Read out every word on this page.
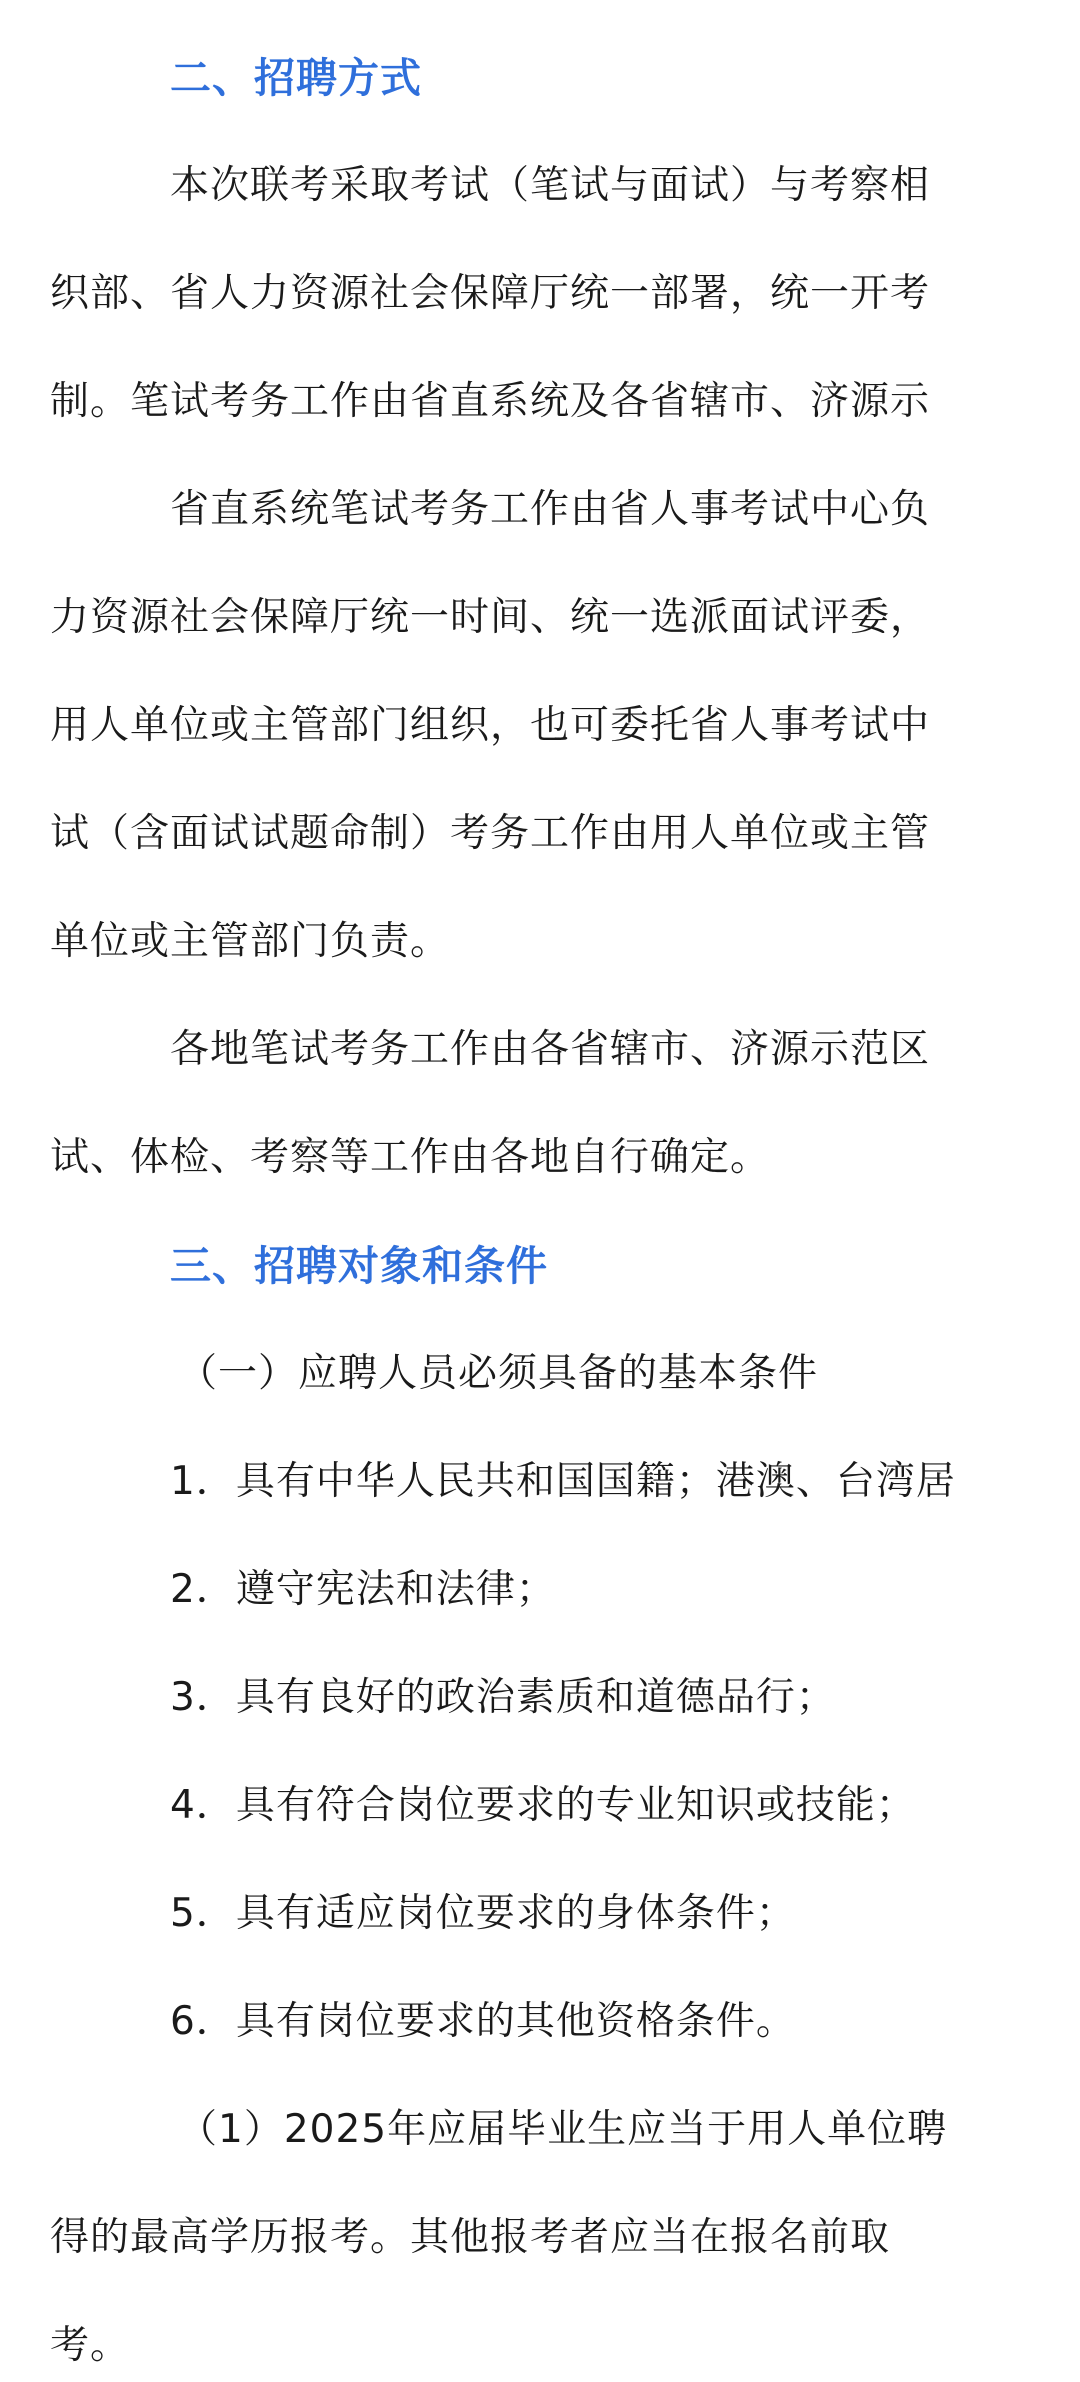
二、招聘方式
本次联考采取考试（笔试与面试）与考察相
织部、省人力资源社会保障厅统一部署，统一开考
制。笔试考务工作由省直系统及各省辖市、济源示
省直系统笔试考务工作由省人事考试中心负
力资源社会保障厅统一时间、统一选派面试评委，
用人单位或主管部门组织，也可委托省人事考试中
试（含面试试题命制）考务工作由用人单位或主管
单位或主管部门负责。
各地笔试考务工作由各省辖市、济源示范区
试、体检、考察等工作由各地自行确定。
三、招聘对象和条件
（一）应聘人员必须具备的基本条件
1．具有中华人民共和国国籍；港澳、台湾居
2．遵守宪法和法律；
3．具有良好的政治素质和道德品行；
4．具有符合岗位要求的专业知识或技能；
5．具有适应岗位要求的身体条件；
6．具有岗位要求的其他资格条件。
（1）2025年应届毕业生应当于用人单位聘
得的最高学历报考。其他报考者应当在报名前取
考。
